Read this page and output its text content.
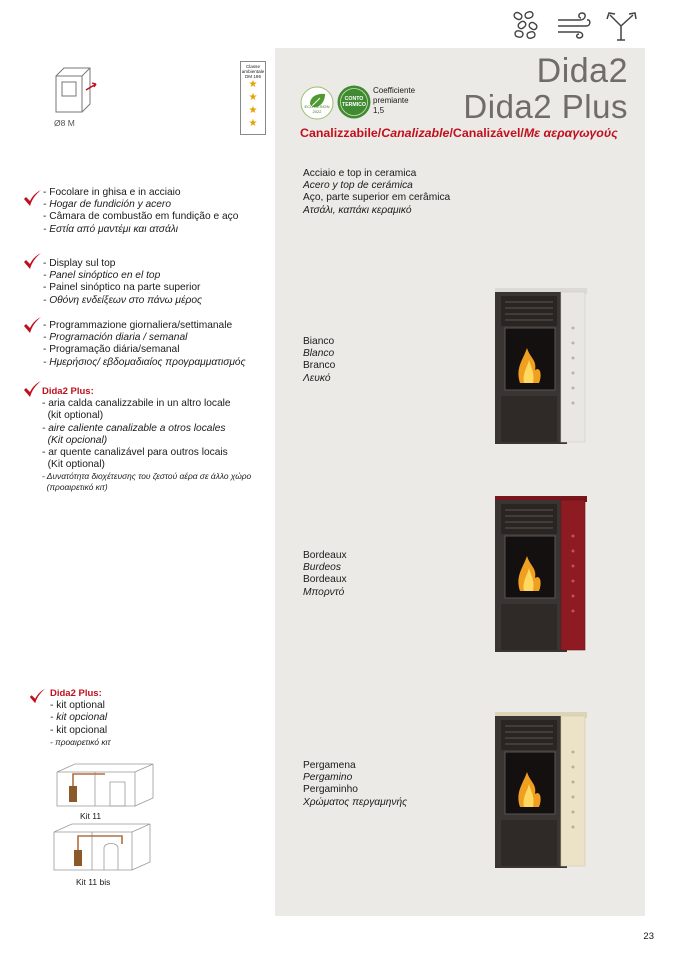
Dida2
Dida2 Plus
Canalizzabile/Canalizable/Canalizável/Με αεραγωγούς
ECO DESIGN 2022
CONTO TERMICO
Coefficiente
premiante
1,5
Ø8 M
Classe ambientale DM 186
★
★
★
★
- Focolare in ghisa e in acciaio
- Hogar de fundición y acero
- Câmara de combustão em fundição e aço
- Εστία από μαντέμι και ατσάλι
- Display sul top
- Panel sinóptico en el top
- Painel sinóptico na parte superior
- Οθόνη ενδείξεων στο πάνω μέρος
- Programmazione giornaliera/settimanale
- Programación diaria / semanal
- Programação diária/semanal
- Ημερήσιος/ εβδομαδιαίος προγραμματισμός
Dida2 Plus:
- aria calda canalizzabile in un altro locale
(kit optional)
- aire caliente canalizable a otros locales
(Kit opcional)
- ar quente canalizável para outros locais
(Kit optional)
- Δυνατότητα διοχέτευσης του ζεστού αέρα σε άλλο χώρο
(προαιρετικό κιτ)
Dida2 Plus:
- kit optional
- kit opcional
- kit opcional
- προαιρετικό κιτ
Kit 11
Kit 11 bis
Acciaio e top in ceramica
Acero y top de cerámica
Aço, parte superior em cerâmica
Ατσάλι, καπάκι κεραμικό
Bianco
Blanco
Branco
Λευκό
Bordeaux
Burdeos
Bordeaux
Μπορντό
Pergamena
Pergamino
Pergaminho
Χρώματος περγαμηνής
23
